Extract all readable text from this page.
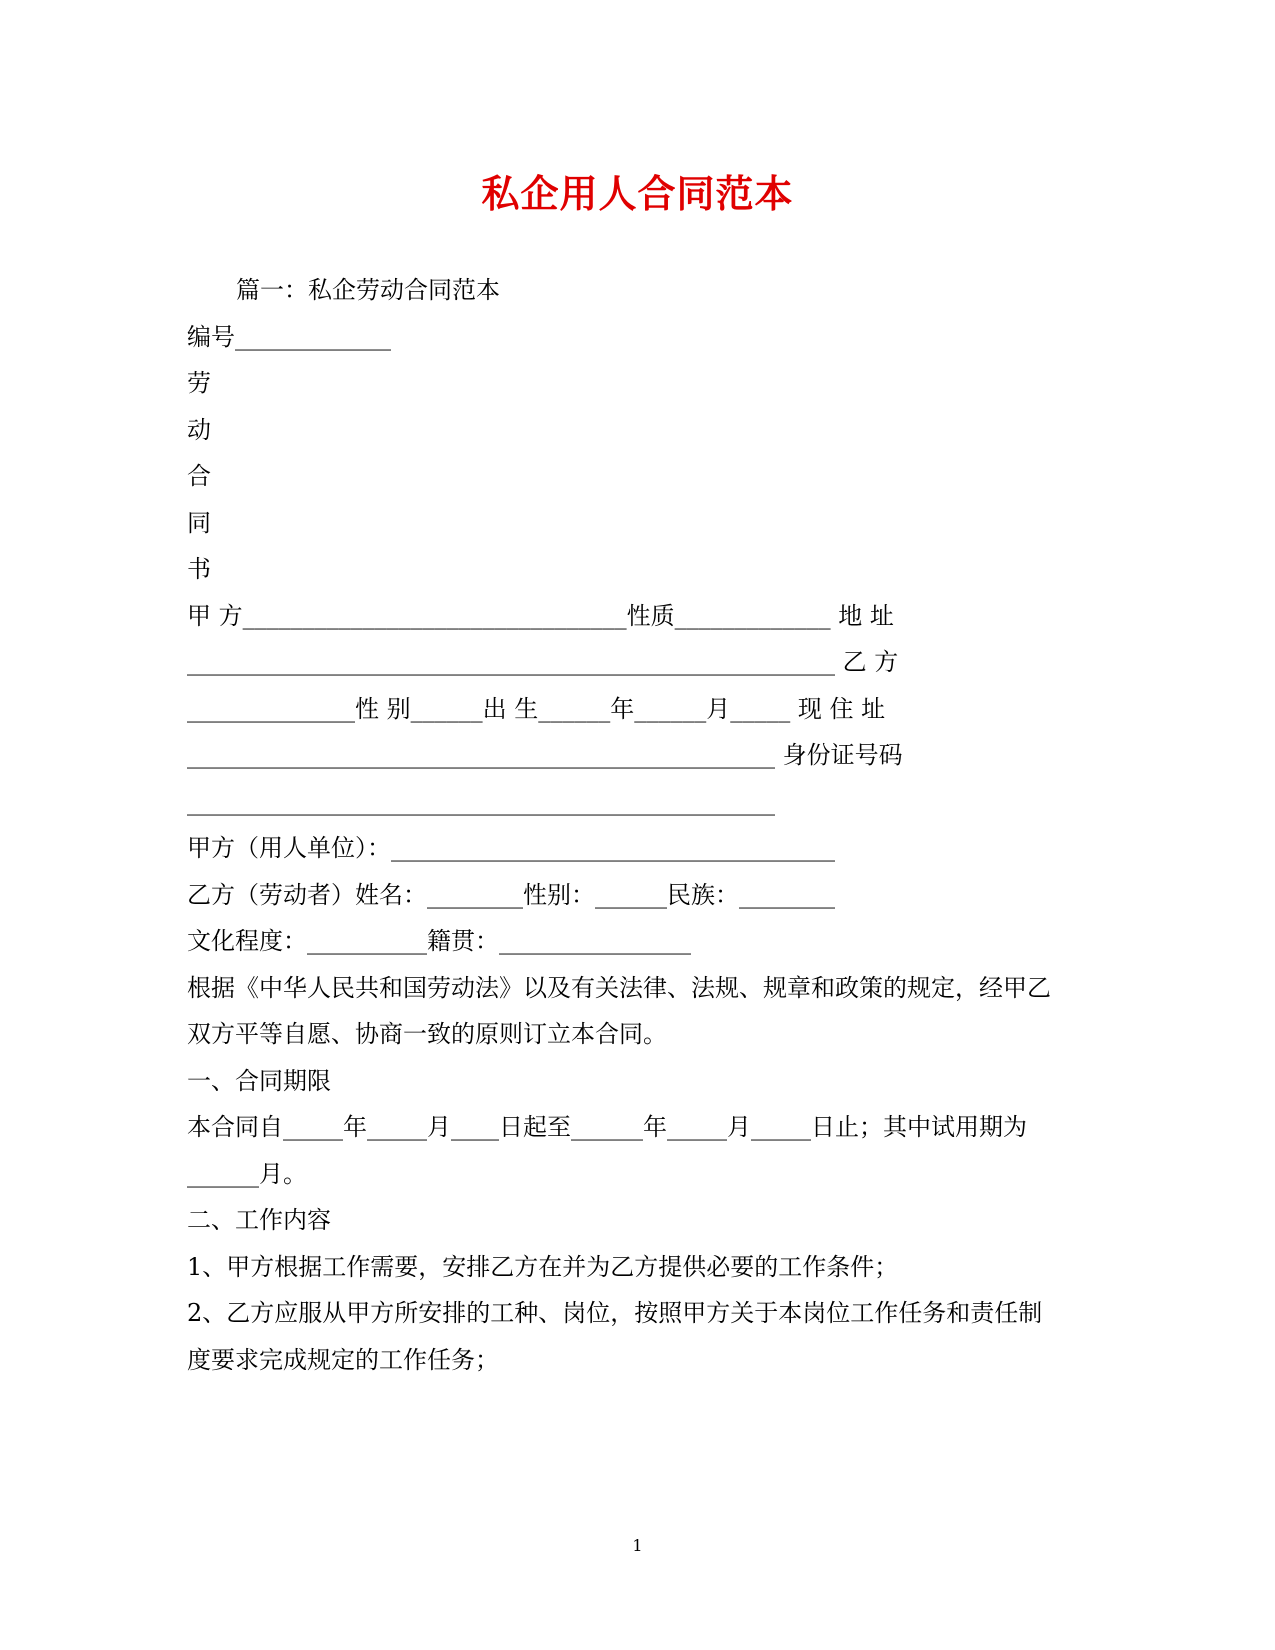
私企用人合同范本
篇一：私企劳动合同范本
编号_____________
劳
动
合
同
书
甲 方________________________________性质_____________ 地 址
______________________________________________________ 乙 方
______________性 别______出 生______年______月_____ 现 住 址
_________________________________________________ 身份证号码
_________________________________________________
甲方（用人单位）：_____________________________________
乙方（劳动者）姓名：________性别：______民族：________
文化程度：__________籍贯：________________
根据《中华人民共和国劳动法》以及有关法律、法规、规章和政策的规定，经甲乙
双方平等自愿、协商一致的原则订立本合同。
一、合同期限
本合同自_____年_____月____日起至______年_____月_____日止；其中试用期为
______月。
二、工作内容
1、甲方根据工作需要，安排乙方在并为乙方提供必要的工作条件；
2、乙方应服从甲方所安排的工种、岗位，按照甲方关于本岗位工作任务和责任制
度要求完成规定的工作任务；
1
